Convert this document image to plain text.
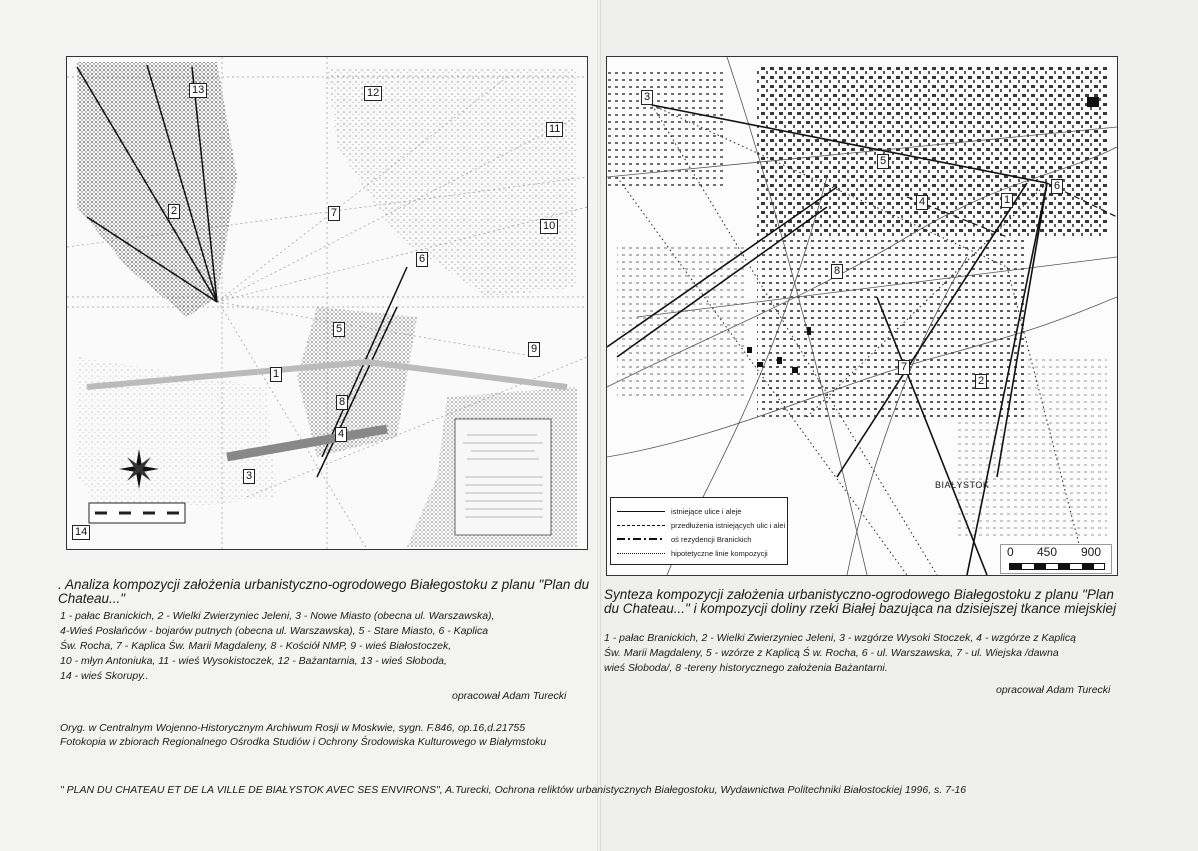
1
2
3
4
5
6
7
8
9
10
11
12
13
14
BIAŁYSTOK
1
2
3
4
5
6
7
8
istniejące ulice i aleje
przedłużenia istniejących ulic i alei
oś rezydencji Branickich
hipotetyczne linie kompozycji	0 450 900
. Analiza kompozycji założenia urbanistyczno-ogrodowego Białegostoku z planu "Plan du Chateau..."
1 - pałac Branickich, 2 - Wielki Zwierzyniec Jeleni, 3 - Nowe Miasto (obecna ul. Warszawska),
4-Wieś Posłańców - bojarów putnych (obecna ul. Warszawska), 5 - Stare Miasto, 6 - Kaplica
Św. Rocha, 7 - Kaplica Św. Marii Magdaleny, 8 - Kościół NMP, 9 - wieś Białostoczek,
10 - młyn Antoniuka, 11 - wieś Wysokistoczek, 12 - Bażantarnia, 13 - wieś Słoboda,
14 - wieś Skorupy..
opracował Adam Turecki
Oryg. w Centralnym Wojenno-Historycznym Archiwum Rosji w Moskwie, sygn. F.846, op.16,d.21755
Fotokopia w zbiorach Regionalnego Ośrodka Studiów i Ochrony Środowiska Kulturowego w Białymstoku
Synteza kompozycji założenia urbanistyczno-ogrodowego Białegostoku z planu "Plan du Chateau..." i kompozycji doliny rzeki Białej bazująca na dzisiejszej tkance miejskiej
1 - pałac Branickich, 2 - Wielki Zwierzyniec Jeleni, 3 - wzgórze Wysoki Stoczek, 4 - wzgórze z Kaplicą
Św. Marii Magdaleny, 5 - wzórze z Kaplicą Ś w. Rocha, 6 - ul. Warszawska, 7 - ul. Wiejska /dawna
wieś Słoboda/, 8 -tereny historycznego założenia Bażantarni.
opracował Adam Turecki
" PLAN DU CHATEAU ET DE LA VILLE DE BIAŁYSTOK AVEC SES ENVIRONS", A.Turecki, Ochrona reliktów urbanistycznych Białegostoku, Wydawnictwa Politechniki Białostockiej 1996, s. 7-16
